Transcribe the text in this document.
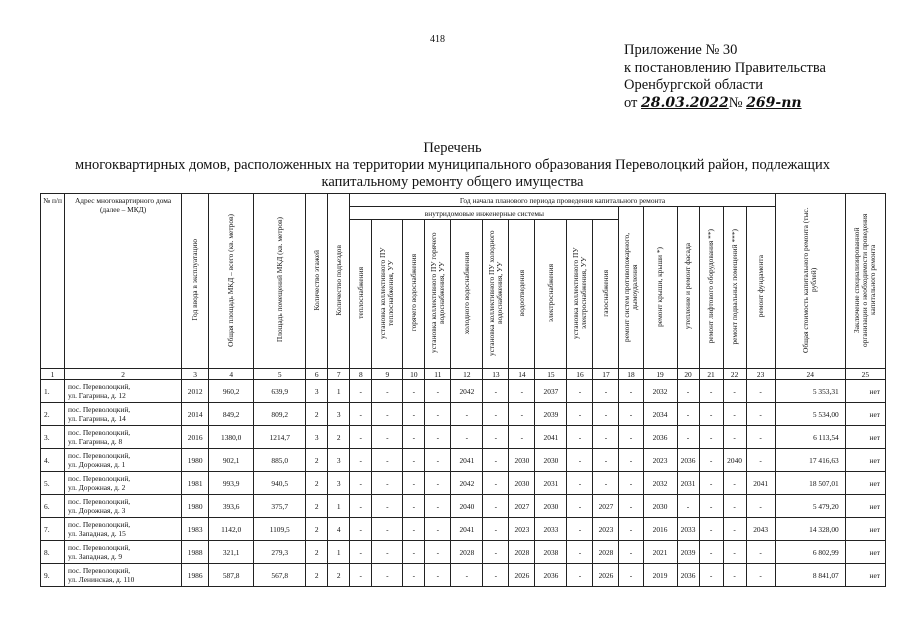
418
Приложение № 30
к постановлению Правительства
Оренбургской области
от 28.03.2022№ 269-пп
Перечень
многоквартирных домов, расположенных на территории муниципального образования Переволоцкий район, подлежащих
капитальному ремонту общего имущества
№ п/п	Адрес многоквартирного дома (далее – МКД)	Год ввода в эксплуатацию	Общая площадь МКД – всего (кв. метров)	Площадь помещений МКД (кв. метров)	Количество этажей	Количество подъездов	Год начала планового периода проведения капитального ремонта																Общая стоимость капитального ремонта (тыс. рублей)	Заключение специализированной организации о необходимости проведения капитального ремонта
							внутридомовые инженерные системы										ремонт систем противопожарного, дымоудаления	ремонт крыши, крыши *)	утепление и ремонт фасада	ремонт лифтового оборудования **)	ремонт подвальных помещений ***)	ремонт фундамента		
							теплоснабжения	установка коллективного ПУ теплоснабжения, УУ	горячего водоснабжения	установка коллективного ПУ горячего водоснабжения, УУ	холодного водоснабжения	установка коллективного ПУ холодного водоснабжения, УУ	водоотведения	электроснабжения	установка коллективного ПУ электроснабжения, УУ	газоснабжения								
1	2	3	4	5	6	7	8	9	10	11	12	13	14	15	16	17	18	19	20	21	22	23	24	25
1.	пос. Переволоцкий,
ул. Гагарина, д. 12	2012	960,2	639,9	3	1	-	-	-	-	2042	-	-	2037	-	-	-	2032	-	-	-	-	5 353,31	нет
2.	пос. Переволоцкий,
ул. Гагарина, д. 14	2014	849,2	809,2	2	3	-	-	-	-	-	-	-	2039	-	-	-	2034	-	-	-	-	5 534,00	нет
3.	пос. Переволоцкий,
ул. Гагарина, д. 8	2016	1380,0	1214,7	3	2	-	-	-	-	-	-	-	2041	-	-	-	2036	-	-	-	-	6 113,54	нет
4.	пос. Переволоцкий,
ул. Дорожная, д. 1	1980	902,1	885,0	2	3	-	-	-	-	2041	-	2030	2030	-	-	-	2023	2036	-	2040	-	17 416,63	нет
5.	пос. Переволоцкий,
ул. Дорожная, д. 2	1981	993,9	940,5	2	3	-	-	-	-	2042	-	2030	2031	-	-	-	2032	2031	-	-	2041	18 507,01	нет
6.	пос. Переволоцкий,
ул. Дорожная, д. 3	1980	393,6	375,7	2	1	-	-	-	-	2040	-	2027	2030	-	2027	-	2030	-	-	-	-	5 479,20	нет
7.	пос. Переволоцкий,
ул. Западная, д. 15	1983	1142,0	1109,5	2	4	-	-	-	-	2041	-	2023	2033	-	2023	-	2016	2033	-	-	2043	14 328,00	нет
8.	пос. Переволоцкий,
ул. Западная, д. 9	1988	321,1	279,3	2	1	-	-	-	-	2028	-	2028	2038	-	2028	-	2021	2039	-	-	-	6 802,99	нет
9.	пос. Переволоцкий,
ул. Ленинская, д. 110	1986	587,8	567,8	2	2	-	-	-	-	-	-	2026	2036	-	2026	-	2019	2036	-	-	-	8 841,07	нет
